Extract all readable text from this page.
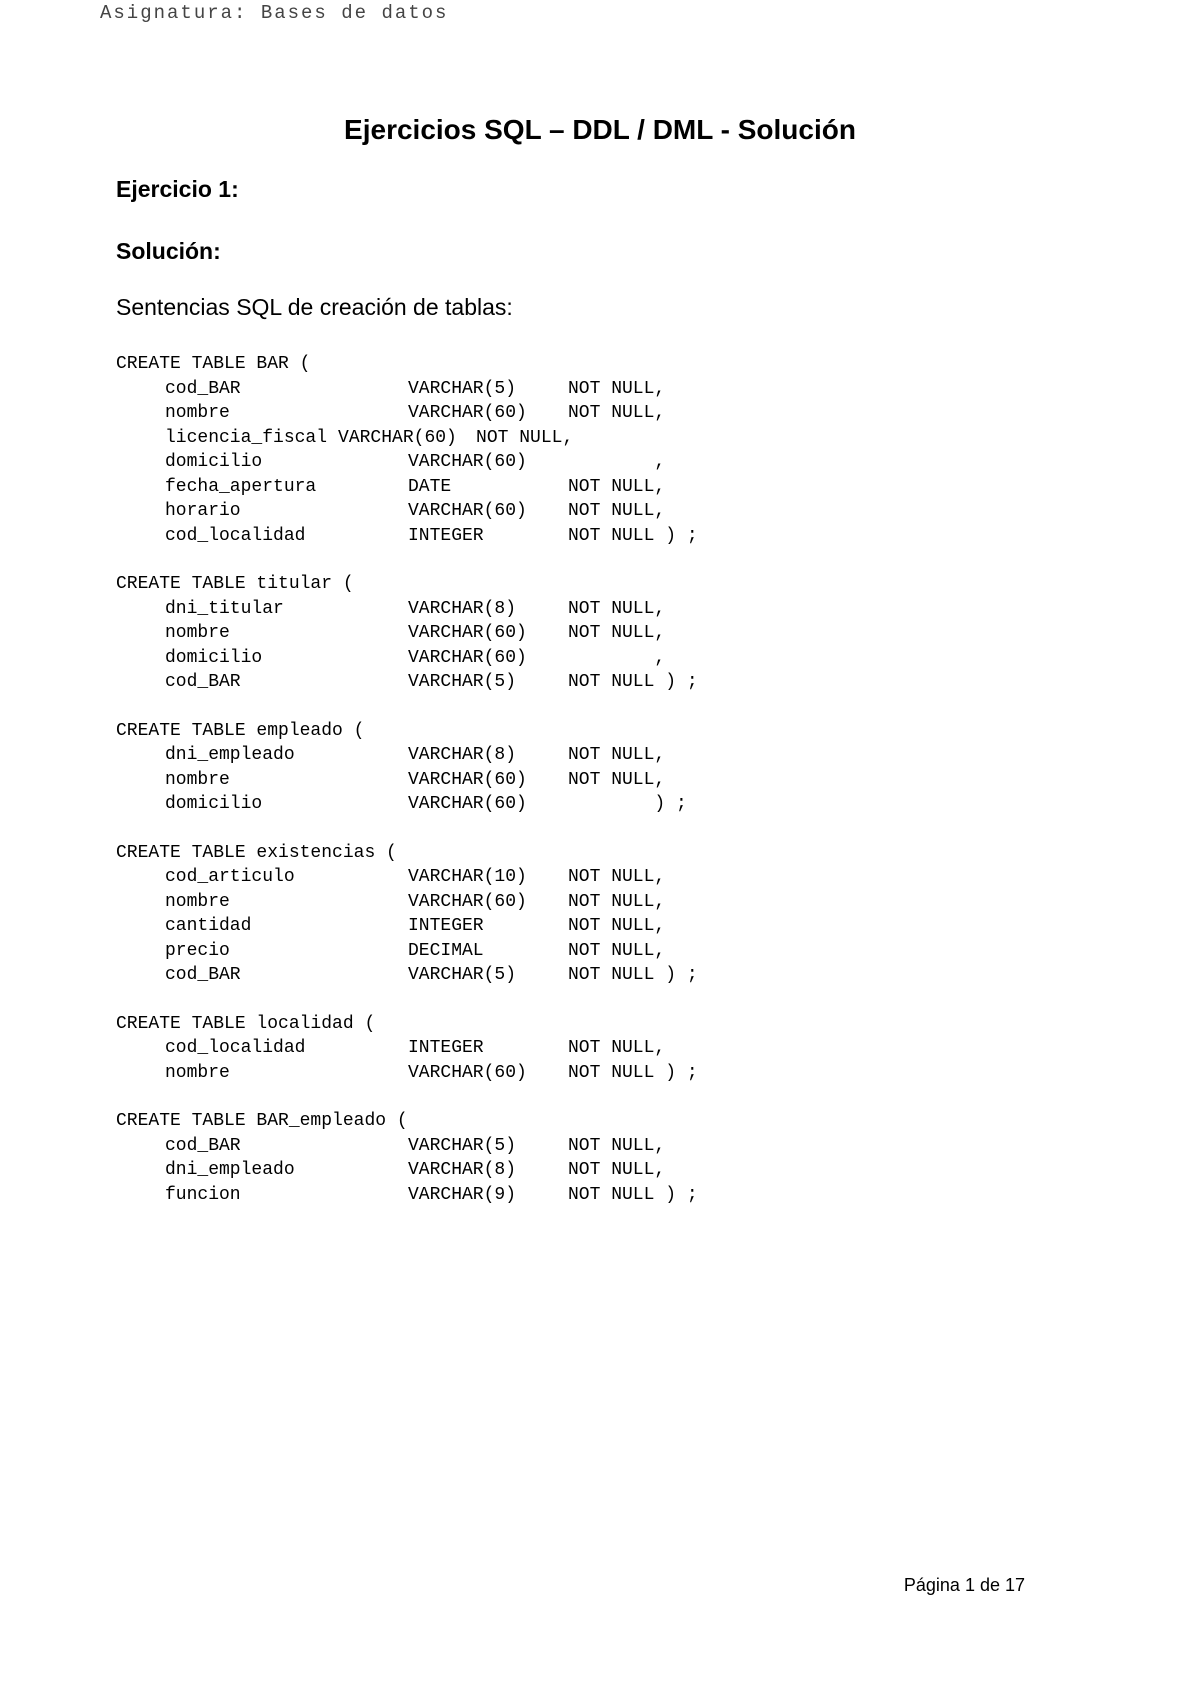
Asignatura: Bases de datos

Ejercicios SQL – DDL / DML - Solución
Ejercicio 1:
Solución:

Sentencias SQL de creación de tablas:

CREATE TABLE BAR (
cod_BAR	VARCHAR(5)	NOT NULL,
nombre	VARCHAR(60)	NOT NULL,
licencia_fiscal VARCHAR(60)	NOT NULL,
domicilio	VARCHAR(60)	,
fecha_apertura	DATE	NOT NULL,
horario	VARCHAR(60)	NOT NULL,
cod_localidad	INTEGER	NOT NULL ) ;
CREATE TABLE titular (
dni_titular	VARCHAR(8)	NOT NULL,
nombre	VARCHAR(60)	NOT NULL,
domicilio	VARCHAR(60)	,
cod_BAR	VARCHAR(5)	NOT NULL ) ;
CREATE TABLE empleado (
dni_empleado	VARCHAR(8)	NOT NULL,
nombre	VARCHAR(60)	NOT NULL,
domicilio	VARCHAR(60)	) ;
CREATE TABLE existencias (
cod_articulo	VARCHAR(10)	NOT NULL,
nombre	VARCHAR(60)	NOT NULL,
cantidad	INTEGER	NOT NULL,
precio	DECIMAL	NOT NULL,
cod_BAR	VARCHAR(5)	NOT NULL ) ;
CREATE TABLE localidad (
cod_localidad	INTEGER	NOT NULL,
nombre	VARCHAR(60)	NOT NULL ) ;
CREATE TABLE BAR_empleado (
cod_BAR	VARCHAR(5)	NOT NULL,
dni_empleado	VARCHAR(8)	NOT NULL,
funcion	VARCHAR(9)	NOT NULL ) ;

Página 1 de 17
